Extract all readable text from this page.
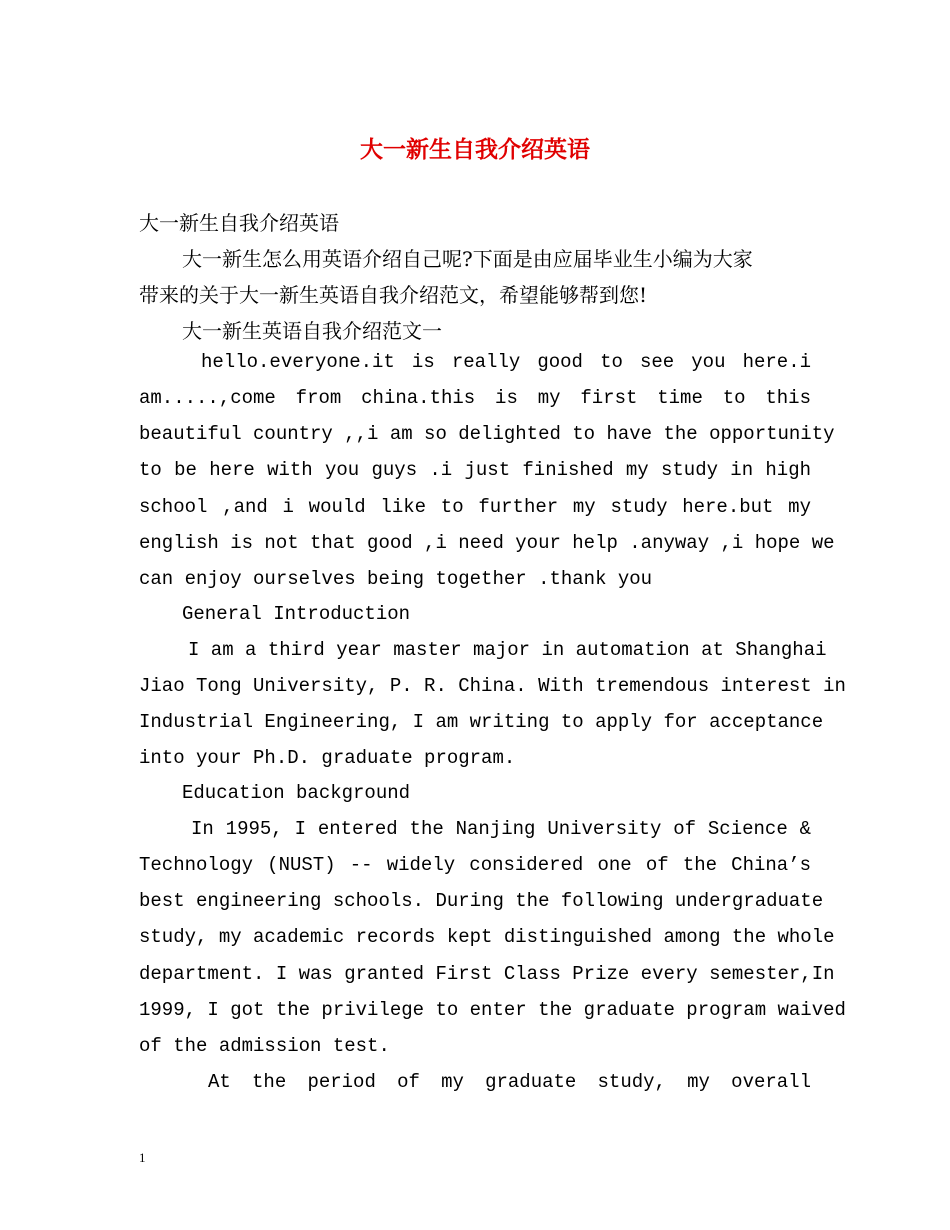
大一新生自我介绍英语
大一新生自我介绍英语
大一新生怎么用英语介绍自己呢?下面是由应届毕业生小编为大家
带来的关于大一新生英语自我介绍范文，希望能够帮到您!
大一新生英语自我介绍范文一
hello.everyone.it is really good to see you here.i
am.....,come from china.this is my first time to this
beautiful country ,,i am so delighted to have the opportunity
to be here with you guys .i just finished my study in high
school ,and i would like to further my study here.but my
english is not that good ,i need your help .anyway ,i hope we
can enjoy ourselves being together .thank you
General Introduction
I am a third year master major in automation at Shanghai
Jiao Tong University, P. R. China. With tremendous interest in
Industrial Engineering, I am writing to apply for acceptance
into your Ph.D. graduate program.
Education background
In 1995, I entered the Nanjing University of Science &
Technology (NUST) -- widely considered one of the China’s
best engineering schools. During the following undergraduate
study, my academic records kept distinguished among the whole
department. I was granted First Class Prize every semester,In
1999, I got the privilege to enter the graduate program waived
of the admission test.
At the period of my graduate study, my overall
1
